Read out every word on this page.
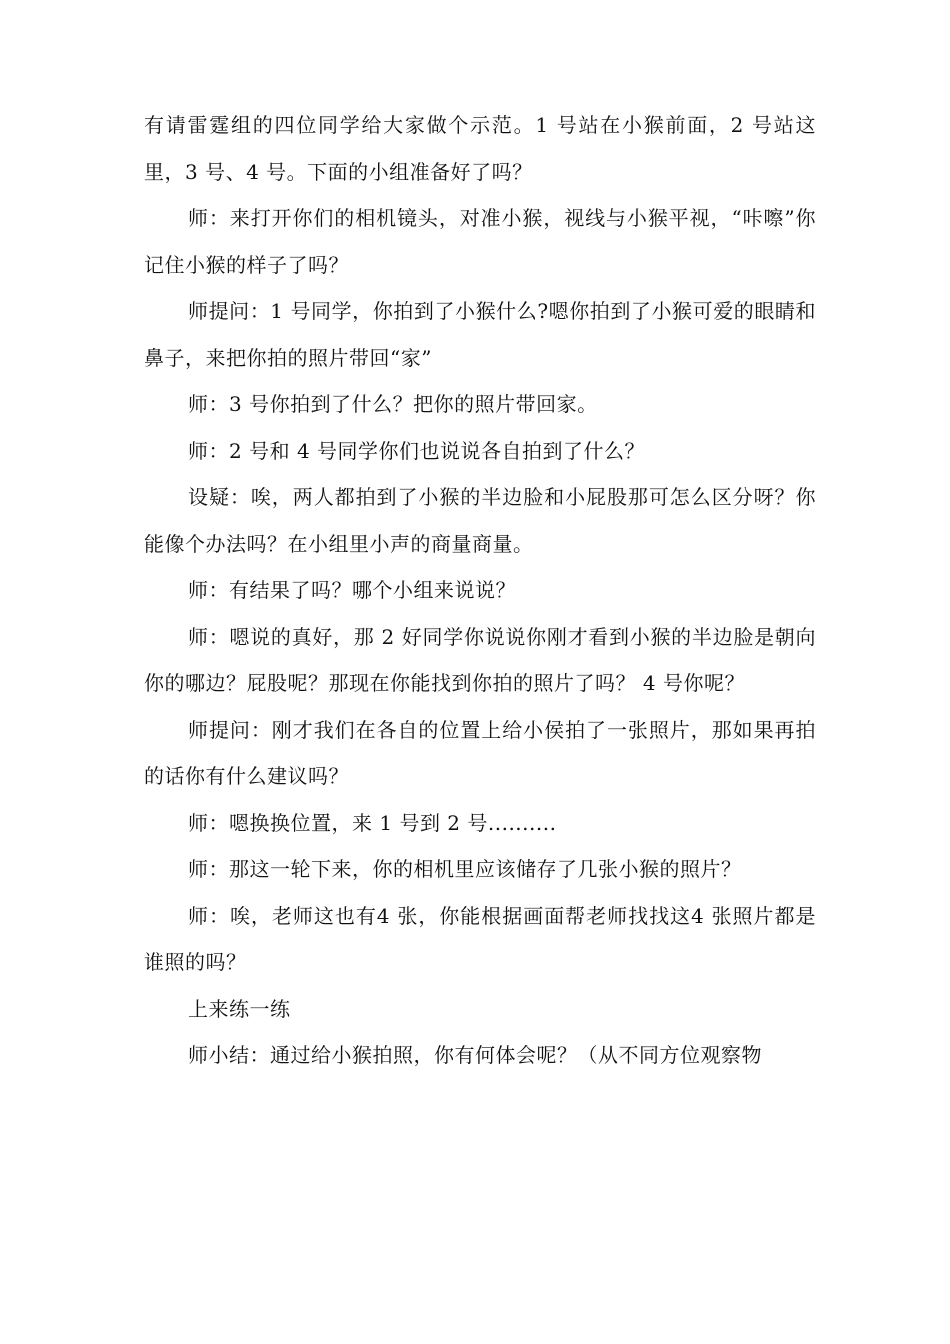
有请雷霆组的四位同学给大家做个示范。1 号站在小猴前面，2 号站这里，3 号、4 号。下面的小组准备好了吗？

师：来打开你们的相机镜头，对准小猴，视线与小猴平视，“咔嚓”你记住小猴的样子了吗？

师提问：1 号同学，你拍到了小猴什么?嗯你拍到了小猴可爱的眼睛和鼻子，来把你拍的照片带回“家”

师：3 号你拍到了什么？把你的照片带回家。

师：2 号和 4 号同学你们也说说各自拍到了什么？

设疑：唉，两人都拍到了小猴的半边脸和小屁股那可怎么区分呀？你能像个办法吗？在小组里小声的商量商量。

师：有结果了吗？哪个小组来说说？

师：嗯说的真好，那 2 好同学你说说你刚才看到小猴的半边脸是朝向你的哪边？屁股呢？那现在你能找到你拍的照片了吗？ 4 号你呢？

师提问：刚才我们在各自的位置上给小侯拍了一张照片，那如果再拍的话你有什么建议吗？

师：嗯换换位置，来 1 号到 2 号..........

师：那这一轮下来，你的相机里应该储存了几张小猴的照片？

师：唉，老师这也有4 张，你能根据画面帮老师找找这4 张照片都是谁照的吗？

上来练一练

师小结：通过给小猴拍照，你有何体会呢？（从不同方位观察物
